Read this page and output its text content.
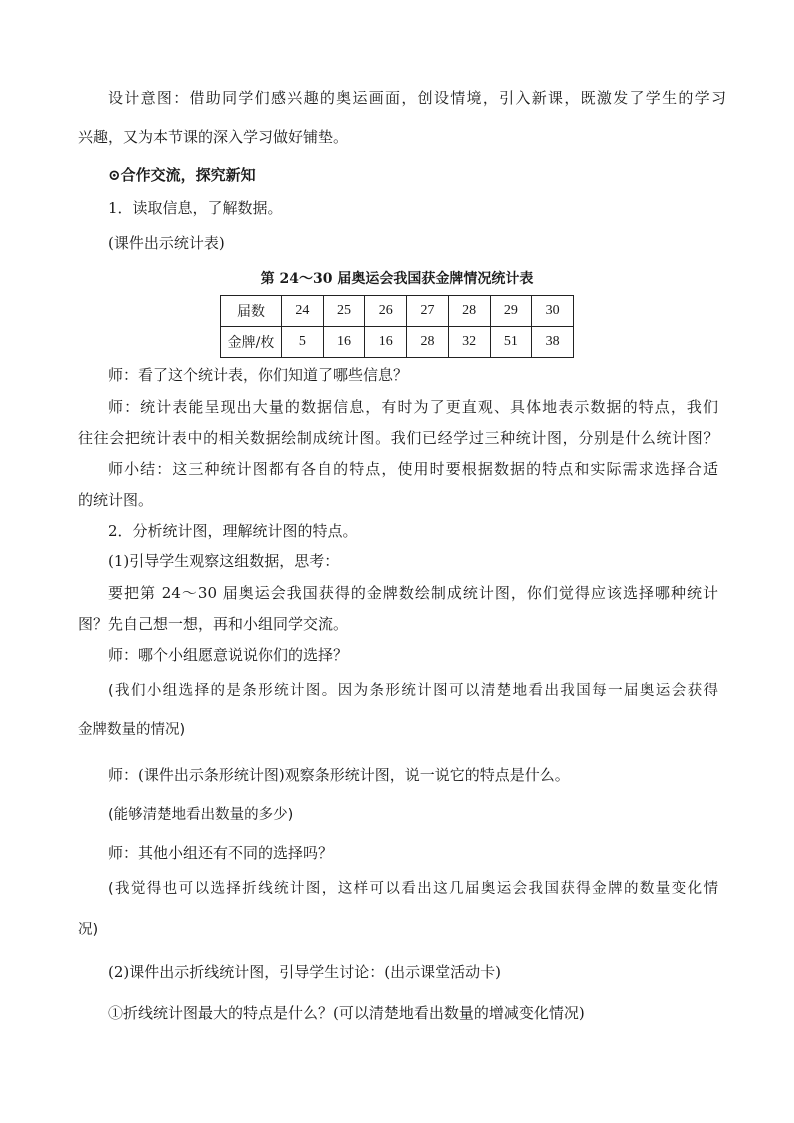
设计意图：借助同学们感兴趣的奥运画面，创设情境，引入新课，既激发了学生的学习
兴趣，又为本节课的深入学习做好铺垫。
⊙合作交流，探究新知
1．读取信息，了解数据。
(课件出示统计表)
第 24～30 届奥运会我国获金牌情况统计表
届数	24	25	26	27	28	29	30
金牌/枚	5	16	16	28	32	51	38
师：看了这个统计表，你们知道了哪些信息？
师：统计表能呈现出大量的数据信息，有时为了更直观、具体地表示数据的特点，我们
往往会把统计表中的相关数据绘制成统计图。我们已经学过三种统计图，分别是什么统计图？
师小结：这三种统计图都有各自的特点，使用时要根据数据的特点和实际需求选择合适
的统计图。
2．分析统计图，理解统计图的特点。
(1)引导学生观察这组数据，思考：
要把第 24～30 届奥运会我国获得的金牌数绘制成统计图，你们觉得应该选择哪种统计
图？先自己想一想，再和小组同学交流。
师：哪个小组愿意说说你们的选择？
(我们小组选择的是条形统计图。因为条形统计图可以清楚地看出我国每一届奥运会获得
金牌数量的情况)
师：(课件出示条形统计图)观察条形统计图，说一说它的特点是什么。
(能够清楚地看出数量的多少)
师：其他小组还有不同的选择吗？
(我觉得也可以选择折线统计图，这样可以看出这几届奥运会我国获得金牌的数量变化情
况)
(2)课件出示折线统计图，引导学生讨论：(出示课堂活动卡)
①折线统计图最大的特点是什么？(可以清楚地看出数量的增减变化情况)
